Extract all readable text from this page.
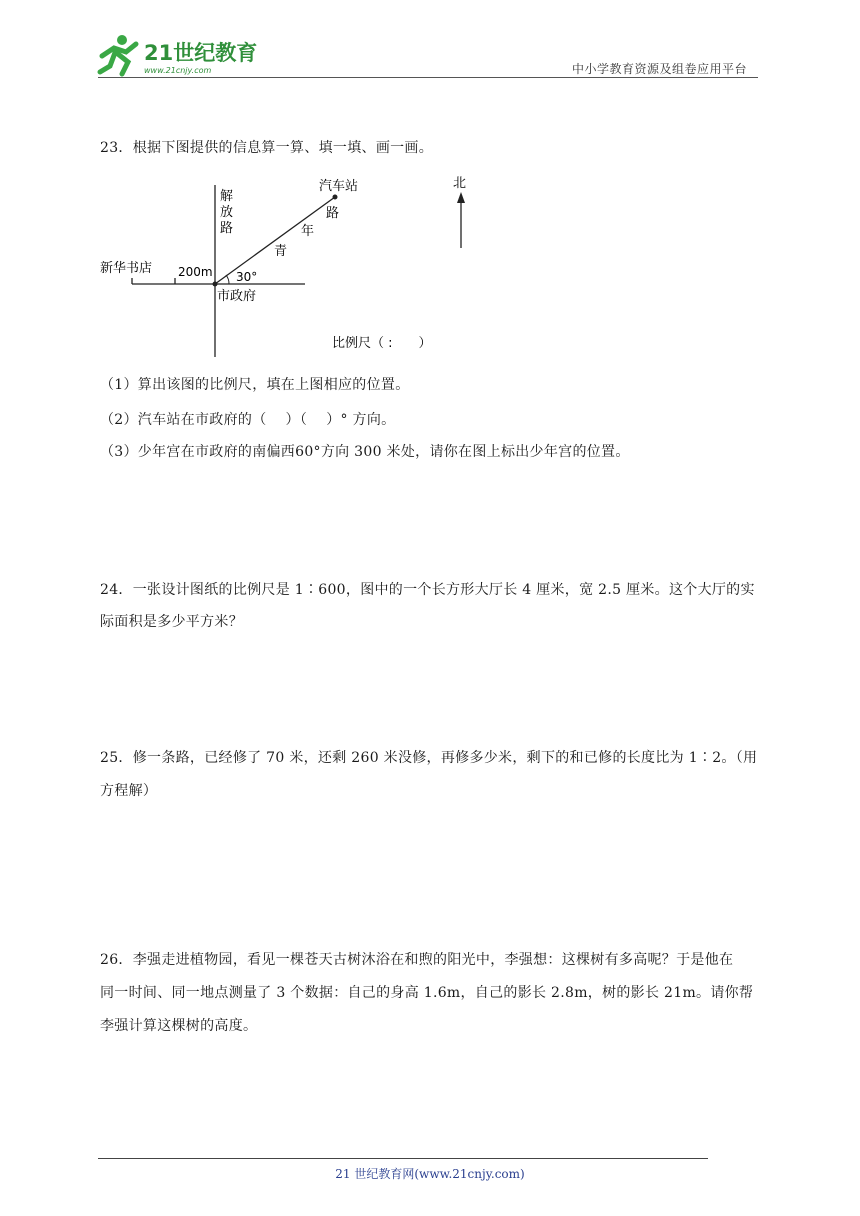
21世纪教育
www.21cnjy.com	中小学教育资源及组卷应用平台
23．根据下图提供的信息算一算、填一填、画一画。
北
汽车站
解
放
路
路
年
青
新华书店 200m 30°
市政府
比例尺（ :　　）
（1）算出该图的比例尺，填在上图相应的位置。
（2）汽车站在市政府的（　 ）（　 ）° 方向。
（3）少年宫在市政府的南偏西60°方向 300 米处，请你在图上标出少年宫的位置。
24．一张设计图纸的比例尺是 1∶600，图中的一个长方形大厅长 4 厘米，宽 2.5 厘米。这个大厅的实
际面积是多少平方米？
25．修一条路，已经修了 70 米，还剩 260 米没修，再修多少米，剩下的和已修的长度比为 1∶2。（用
方程解）
26．李强走进植物园，看见一棵苍天古树沐浴在和煦的阳光中，李强想：这棵树有多高呢？于是他在
同一时间、同一地点测量了 3 个数据：自己的身高 1.6m，自己的影长 2.8m，树的影长 21m。请你帮
李强计算这棵树的高度。
21 世纪教育网(www.21cnjy.com)
